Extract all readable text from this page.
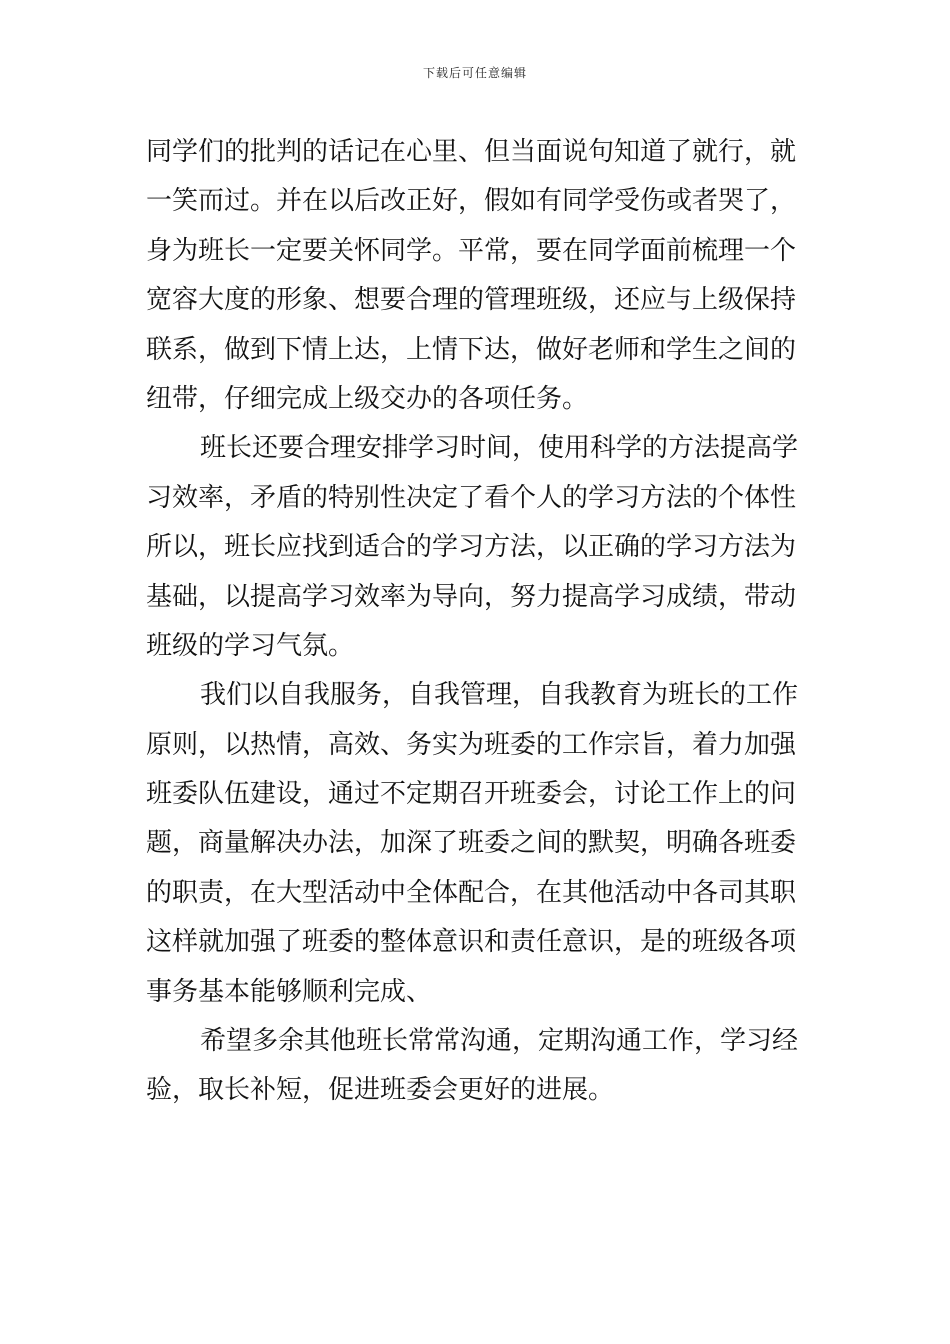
下载后可任意编辑
同学们的批判的话记在心里、但当面说句知道了就行，就
一笑而过。并在以后改正好，假如有同学受伤或者哭了，
身为班长一定要关怀同学。平常，要在同学面前梳理一个
宽容大度的形象、想要合理的管理班级，还应与上级保持
联系，做到下情上达，上情下达，做好老师和学生之间的
纽带，仔细完成上级交办的各项任务。
班长还要合理安排学习时间，使用科学的方法提高学
习效率，矛盾的特别性决定了看个人的学习方法的个体性
所以，班长应找到适合的学习方法，以正确的学习方法为
基础，以提高学习效率为导向，努力提高学习成绩，带动
班级的学习气氛。
我们以自我服务，自我管理，自我教育为班长的工作
原则，以热情，高效、务实为班委的工作宗旨，着力加强
班委队伍建设，通过不定期召开班委会，讨论工作上的问
题，商量解决办法，加深了班委之间的默契，明确各班委
的职责，在大型活动中全体配合，在其他活动中各司其职
这样就加强了班委的整体意识和责任意识，是的班级各项
事务基本能够顺利完成、
希望多余其他班长常常沟通，定期沟通工作，学习经
验，取长补短，促进班委会更好的进展。
